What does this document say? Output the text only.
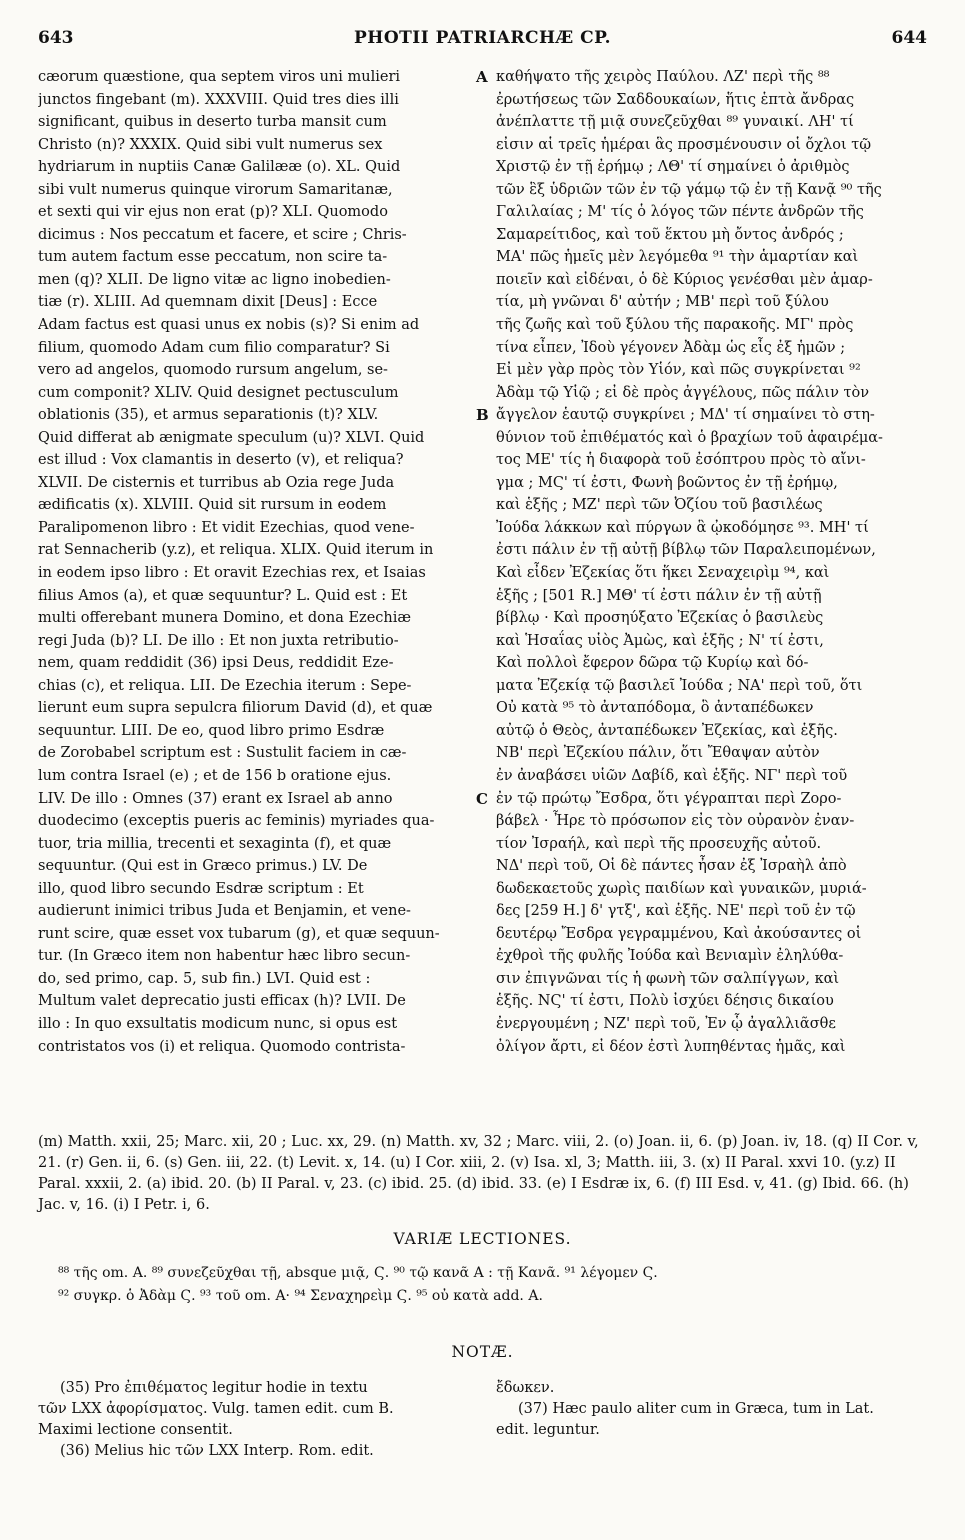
643	PHOTII PATRIARCHÆ CP.	644
cæorum quæstione, qua septem viros uni mulieri
junctos fingebant (m). XXXVIII. Quid tres dies illi
significant, quibus in deserto turba mansit cum
Christo (n)? XXXIX. Quid sibi vult numerus sex
hydriarum in nuptiis Canæ Galilææ (o). XL. Quid
sibi vult numerus quinque virorum Samaritanæ,
et sexti qui vir ejus non erat (p)? XLI. Quomodo
dicimus : Nos peccatum et facere, et scire ; Chris-
tum autem factum esse peccatum, non scire ta-
men (q)? XLII. De ligno vitæ ac ligno inobedien-
tiæ (r). XLIII. Ad quemnam dixit [Deus] : Ecce
Adam factus est quasi unus ex nobis (s)? Si enim ad
filium, quomodo Adam cum filio comparatur? Si
vero ad angelos, quomodo rursum angelum, se-
cum componit? XLIV. Quid designet pectusculum
oblationis (35), et armus separationis (t)? XLV.
Quid differat ab ænigmate speculum (u)? XLVI. Quid
est illud : Vox clamantis in deserto (v), et reliqua?
XLVII. De cisternis et turribus ab Ozia rege Juda
ædificatis (x). XLVIII. Quid sit rursum in eodem
Paralipomenon libro : Et vidit Ezechias, quod vene-
rat Sennacherib (y.z), et reliqua. XLIX. Quid iterum in
in eodem ipso libro : Et oravit Ezechias rex, et Isaias
filius Amos (a), et quæ sequuntur? L. Quid est : Et
multi offerebant munera Domino, et dona Ezechiæ
regi Juda (b)? LI. De illo : Et non juxta retributio-
nem, quam reddidit (36) ipsi Deus, reddidit Eze-
chias (c), et reliqua. LII. De Ezechia iterum : Sepe-
lierunt eum supra sepulcra filiorum David (d), et quæ
sequuntur. LIII. De eo, quod libro primo Esdræ
de Zorobabel scriptum est : Sustulit faciem in cæ-
lum contra Israel (e) ; et de 156 b oratione ejus.
LIV. De illo : Omnes (37) erant ex Israel ab anno
duodecimo (exceptis pueris ac feminis) myriades qua-
tuor, tria millia, trecenti et sexaginta (f), et quæ
sequuntur. (Qui est in Græco primus.) LV. De
illo, quod libro secundo Esdræ scriptum : Et
audierunt inimici tribus Juda et Benjamin, et vene-
runt scire, quæ esset vox tubarum (g), et quæ sequun-
tur. (In Græco item non habentur hæc libro secun-
do, sed primo, cap. 5, sub fin.) LVI. Quid est :
Multum valet deprecatio justi efficax (h)? LVII. De
illo : In quo exsultatis modicum nunc, si opus est
contristatos vos (i) et reliqua. Quomodo contrista-
καθήψατο τῆς χειρὸς Παύλου. ΛΖ' περὶ τῆς ⁸⁸
ἐρωτήσεως τῶν Σαδδουκαίων, ἥτις ἑπτὰ ἄνδρας
ἀνέπλαττε τῇ μιᾷ συνεζεῦχθαι ⁸⁹ γυναικί. ΛΗ' τί
εἰσιν αἱ τρεῖς ἡμέραι ἃς προσμένουσιν οἱ ὄχλοι τῷ
Χριστῷ ἐν τῇ ἐρήμῳ ; ΛΘ' τί σημαίνει ὁ ἀριθμὸς
τῶν ἓξ ὑδριῶν τῶν ἐν τῷ γάμῳ τῷ ἐν τῇ Κανᾷ ⁹⁰ τῆς
Γαλιλαίας ; Μ' τίς ὁ λόγος τῶν πέντε ἀνδρῶν τῆς
Σαμαρείτιδος, καὶ τοῦ ἕκτου μὴ ὄντος ἀνδρός ;
ΜΑ' πῶς ἡμεῖς μὲν λεγόμεθα ⁹¹ τὴν ἁμαρτίαν καὶ
ποιεῖν καὶ εἰδέναι, ὁ δὲ Κύριος γενέσθαι μὲν ἁμαρ-
τία, μὴ γνῶναι δ' αὐτήν ; ΜΒ' περὶ τοῦ ξύλου
τῆς ζωῆς καὶ τοῦ ξύλου τῆς παρακοῆς. ΜΓ' πρὸς
τίνα εἶπεν, Ἰδοὺ γέγονεν Ἀδὰμ ὡς εἷς ἐξ ἡμῶν ;
Εἰ μὲν γὰρ πρὸς τὸν Υἱόν, καὶ πῶς συγκρίνεται ⁹²
Ἀδὰμ τῷ Υἱῷ ; εἰ δὲ πρὸς ἀγγέλους, πῶς πάλιν τὸν
ἄγγελον ἑαυτῷ συγκρίνει ; ΜΔ' τί σημαίνει τὸ στη-
θύνιον τοῦ ἐπιθέματός καὶ ὁ βραχίων τοῦ ἀφαιρέμα-
τος ΜΕ' τίς ἡ διαφορὰ τοῦ ἐσόπτρου πρὸς τὸ αἴνι-
γμα ; ΜϚ' τί ἐστι, Φωνὴ βοῶντος ἐν τῇ ἐρήμῳ,
καὶ ἑξῆς ; ΜΖ' περὶ τῶν Ὀζίου τοῦ βασιλέως
Ἰούδα λάκκων καὶ πύργων ἃ ᾠκοδόμησε ⁹³. ΜΗ' τί
ἐστι πάλιν ἐν τῇ αὐτῇ βίβλῳ τῶν Παραλειπομένων,
Καὶ εἶδεν Ἐζεκίας ὅτι ἥκει Σεναχειρὶμ ⁹⁴, καὶ
ἑξῆς ; [501 R.] ΜΘ' τί ἐστι πάλιν ἐν τῇ αὐτῇ
βίβλῳ · Καὶ προσηύξατο Ἐζεκίας ὁ βασιλεὺς
καὶ Ἡσαΐας υἱὸς Ἀμὼς, καὶ ἑξῆς ; Ν' τί ἐστι,
Καὶ πολλοὶ ἔφερον δῶρα τῷ Κυρίῳ καὶ δό-
ματα Ἐζεκίᾳ τῷ βασιλεῖ Ἰούδα ; ΝΑ' περὶ τοῦ, ὅτι
Οὐ κατὰ ⁹⁵ τὸ ἀνταπόδομα, ὃ ἀνταπέδωκεν
αὐτῷ ὁ Θεὸς, ἀνταπέδωκεν Ἐζεκίας, καὶ ἑξῆς.
ΝΒ' περὶ Ἐζεκίου πάλιν, ὅτι Ἔθαψαν αὐτὸν
ἐν ἀναβάσει υἱῶν Δαβίδ, καὶ ἑξῆς. ΝΓ' περὶ τοῦ
ἐν τῷ πρώτῳ Ἔσδρα, ὅτι γέγραπται περὶ Ζορο-
βάβελ · Ἦρε τὸ πρόσωπον εἰς τὸν οὐρανὸν ἐναν-
τίον Ἰσραήλ, καὶ περὶ τῆς προσευχῆς αὐτοῦ.
ΝΔ' περὶ τοῦ, Οἱ δὲ πάντες ἦσαν ἐξ Ἰσραὴλ ἀπὸ
δωδεκαετοῦς χωρὶς παιδίων καὶ γυναικῶν, μυριά-
δες [259 H.] δ' γτξ', καὶ ἑξῆς. ΝΕ' περὶ τοῦ ἐν τῷ
δευτέρῳ Ἔσδρα γεγραμμένου, Καὶ ἀκούσαντες οἱ
ἐχθροὶ τῆς φυλῆς Ἰούδα καὶ Βενιαμὶν ἐληλύθα-
σιν ἐπιγνῶναι τίς ἡ φωνὴ τῶν σαλπίγγων, καὶ
ἑξῆς. ΝϚ' τί ἐστι, Πολὺ ἰσχύει δέησις δικαίου
ἐνεργουμένη ; ΝΖ' περὶ τοῦ, Ἐν ᾧ ἀγαλλιᾶσθε
ὀλίγον ἄρτι, εἰ δέον ἐστὶ λυπηθέντας ἡμᾶς, καὶ
A
B
C
(m) Matth. xxii, 25; Marc. xii, 20 ; Luc. xx, 29. (n) Matth. xv, 32 ; Marc. viii, 2. (o) Joan. ii, 6. (p) Joan. iv, 18. (q) II Cor. v, 21. (r) Gen. ii, 6. (s) Gen. iii, 22. (t) Levit. x, 14. (u) I Cor. xiii, 2. (v) Isa. xl, 3; Matth. iii, 3. (x) II Paral. xxvi 10. (y.z) II Paral. xxxii, 2. (a) ibid. 20. (b) II Paral. v, 23. (c) ibid. 25. (d) ibid. 33. (e) I Esdræ ix, 6. (f) III Esd. v, 41. (g) Ibid. 66. (h) Jac. v, 16. (i) I Petr. i, 6.
VARIÆ LECTIONES.
⁸⁸ τῆς om. A. ⁸⁹ συνεζεῦχθαι τῇ, absque μιᾷ, Ϛ. ⁹⁰ τῷ κανᾶ A : τῇ Κανᾶ. ⁹¹ λέγομεν Ϛ.
⁹² συγκρ. ὁ Ἀδὰμ Ϛ. ⁹³ τοῦ om. A· ⁹⁴ Σεναχηρεὶμ Ϛ. ⁹⁵ οὐ κατὰ add. A.
NOTÆ.
(35) Pro ἐπιθέματος legitur hodie in textu
τῶν LXX ἀφορίσματος. Vulg. tamen edit. cum B.
Maximi lectione consentit.
(36) Melius hic τῶν LXX Interp. Rom. edit.
ἔδωκεν.
(37) Hæc paulo aliter cum in Græca, tum in Lat.
edit. leguntur.
